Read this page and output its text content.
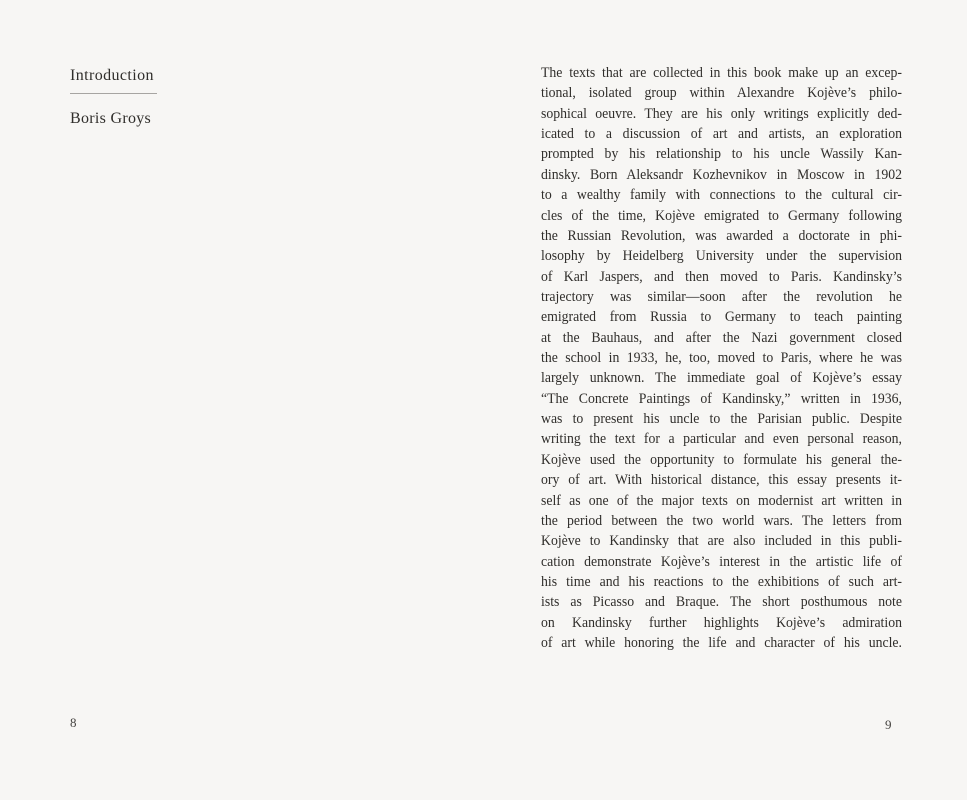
Introduction
Boris Groys
8
The texts that are collected in this book make up an excep-
tional, isolated group within Alexandre Kojève’s philo-
sophical oeuvre. They are his only writings explicitly ded-
icated to a discussion of art and artists, an exploration
prompted by his relationship to his uncle Wassily Kan-
dinsky. Born Aleksandr Kozhevnikov in Moscow in 1902
to a wealthy family with connections to the cultural cir-
cles of the time, Kojève emigrated to Germany following
the Russian Revolution, was awarded a doctorate in phi-
losophy by Heidelberg University under the supervision
of Karl Jaspers, and then moved to Paris. Kandinsky’s
trajectory was similar—soon after the revolution he
emigrated from Russia to Germany to teach painting
at the Bauhaus, and after the Nazi government closed
the school in 1933, he, too, moved to Paris, where he was
largely unknown. The immediate goal of Kojève’s essay
“The Concrete Paintings of Kandinsky,” written in 1936,
was to present his uncle to the Parisian public. Despite
writing the text for a particular and even personal reason,
Kojève used the opportunity to formulate his general the-
ory of art. With historical distance, this essay presents it-
self as one of the major texts on modernist art written in
the period between the two world wars. The letters from
Kojève to Kandinsky that are also included in this publi-
cation demonstrate Kojève’s interest in the artistic life of
his time and his reactions to the exhibitions of such art-
ists as Picasso and Braque. The short posthumous note
on Kandinsky further highlights Kojève’s admiration
of art while honoring the life and character of his uncle.
9
